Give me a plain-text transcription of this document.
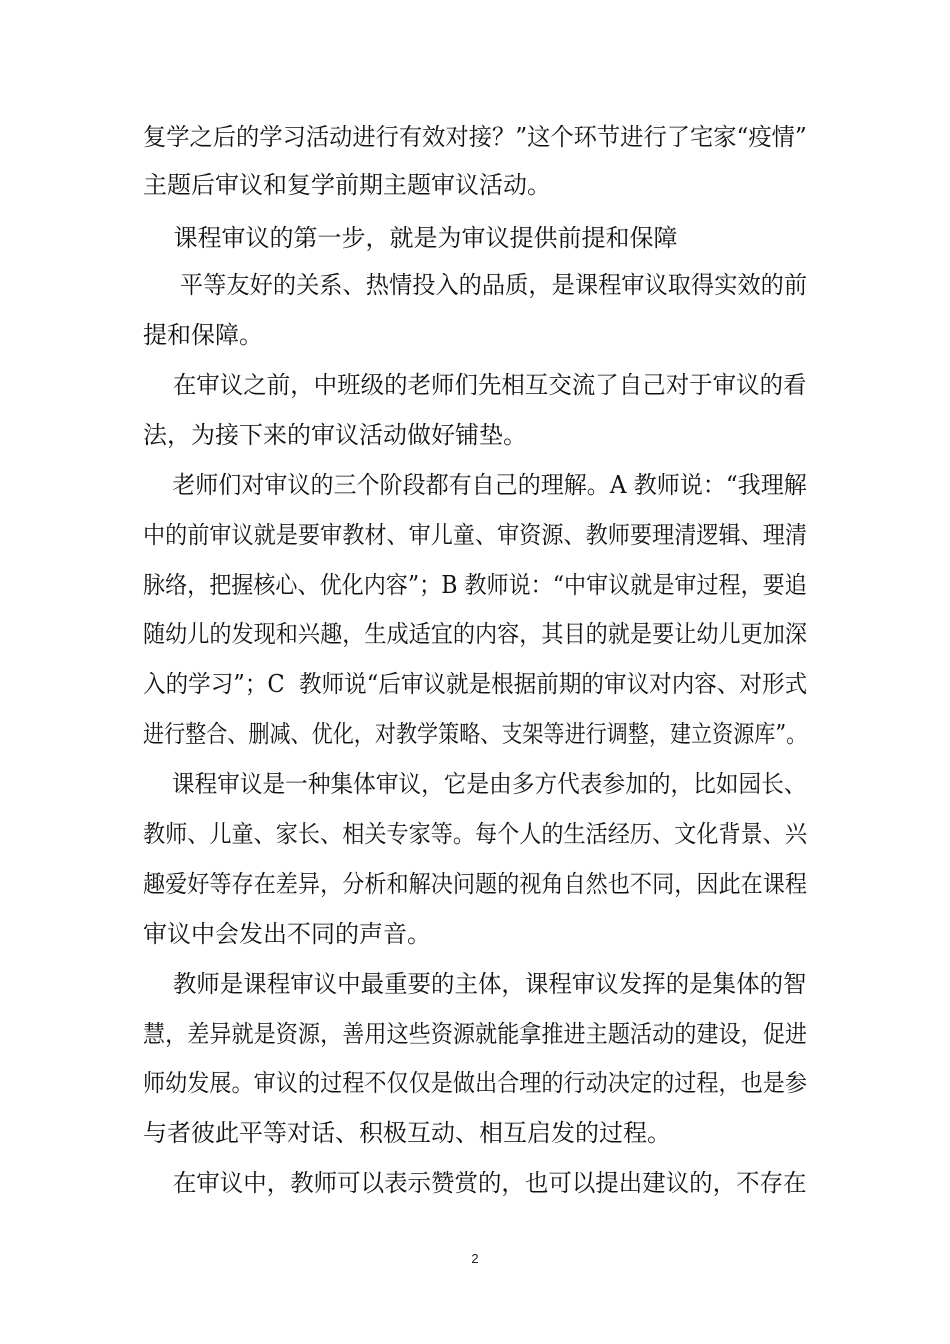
复学之后的学习活动进行有效对接？”这个环节进行了宅家“疫情”

主题后审议和复学前期主题审议活动。

课程审议的第一步，就是为审议提供前提和保障

平等友好的关系、热情投入的品质，是课程审议取得实效的前

提和保障。

在审议之前，中班级的老师们先相互交流了自己对于审议的看

法，为接下来的审议活动做好铺垫。

老师们对审议的三个阶段都有自己的理解。A 教师说：“我理解

中的前审议就是要审教材、审儿童、审资源、教师要理清逻辑、理清

脉络，把握核心、优化内容”；B 教师说：“中审议就是审过程，要追

随幼儿的发现和兴趣，生成适宜的内容，其目的就是要让幼儿更加深

入的学习”；C  教师说“后审议就是根据前期的审议对内容、对形式

进行整合、删减、优化，对教学策略、支架等进行调整，建立资源库”。

课程审议是一种集体审议，它是由多方代表参加的，比如园长、

教师、儿童、家长、相关专家等。每个人的生活经历、文化背景、兴

趣爱好等存在差异，分析和解决问题的视角自然也不同，因此在课程

审议中会发出不同的声音。

教师是课程审议中最重要的主体，课程审议发挥的是集体的智

慧，差异就是资源，善用这些资源就能拿推进主题活动的建设，促进

师幼发展。审议的过程不仅仅是做出合理的行动决定的过程，也是参

与者彼此平等对话、积极互动、相互启发的过程。

在审议中，教师可以表示赞赏的，也可以提出建议的，不存在

2
